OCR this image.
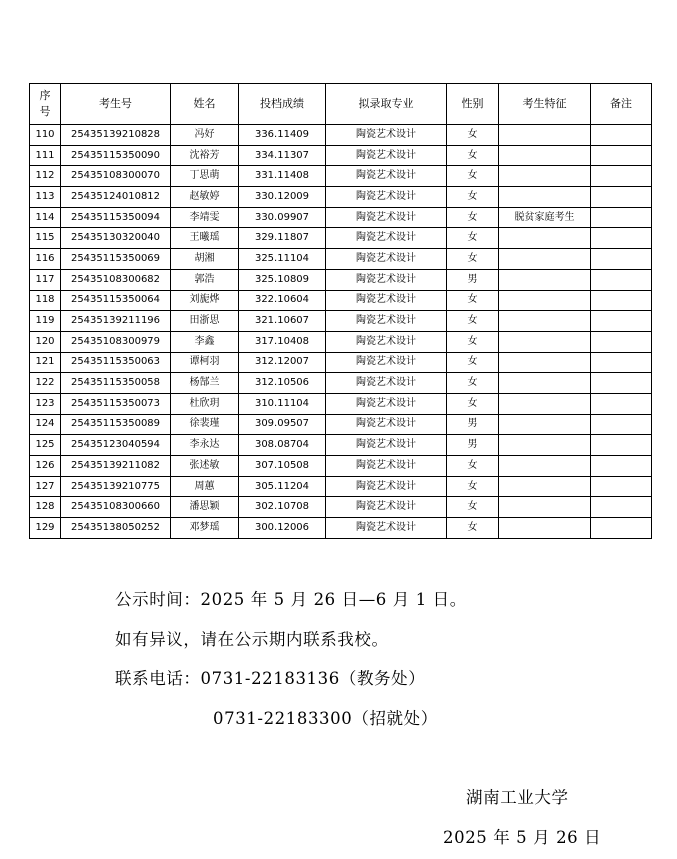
序
号	考生号	姓名	投档成绩	拟录取专业	性别	考生特征	备注
110	25435139210828	冯好	336.11409	陶瓷艺术设计	女		
111	25435115350090	沈裕芳	334.11307	陶瓷艺术设计	女		
112	25435108300070	丁思萌	331.11408	陶瓷艺术设计	女		
113	25435124010812	赵敏婷	330.12009	陶瓷艺术设计	女		
114	25435115350094	李靖雯	330.09907	陶瓷艺术设计	女	脱贫家庭考生	
115	25435130320040	王曦瑶	329.11807	陶瓷艺术设计	女		
116	25435115350069	胡湘	325.11104	陶瓷艺术设计	女		
117	25435108300682	郭浩	325.10809	陶瓷艺术设计	男		
118	25435115350064	刘旎烨	322.10604	陶瓷艺术设计	女		
119	25435139211196	田浙思	321.10607	陶瓷艺术设计	女		
120	25435108300979	李鑫	317.10408	陶瓷艺术设计	女		
121	25435115350063	谭柯羽	312.12007	陶瓷艺术设计	女		
122	25435115350058	杨郜兰	312.10506	陶瓷艺术设计	女		
123	25435115350073	杜欣玥	310.11104	陶瓷艺术设计	女		
124	25435115350089	徐裴瑾	309.09507	陶瓷艺术设计	男		
125	25435123040594	李永达	308.08704	陶瓷艺术设计	男		
126	25435139211082	张述敏	307.10508	陶瓷艺术设计	女		
127	25435139210775	周蕙	305.11204	陶瓷艺术设计	女		
128	25435108300660	潘思颖	302.10708	陶瓷艺术设计	女		
129	25435138050252	邓梦瑶	300.12006	陶瓷艺术设计	女		
公示时间：2025 年 5 月 26 日—6 月 1 日。
如有异议，请在公示期内联系我校。
联系电话：0731-22183136（教务处）
0731-22183300（招就处）
湖南工业大学
2025 年 5 月 26 日
